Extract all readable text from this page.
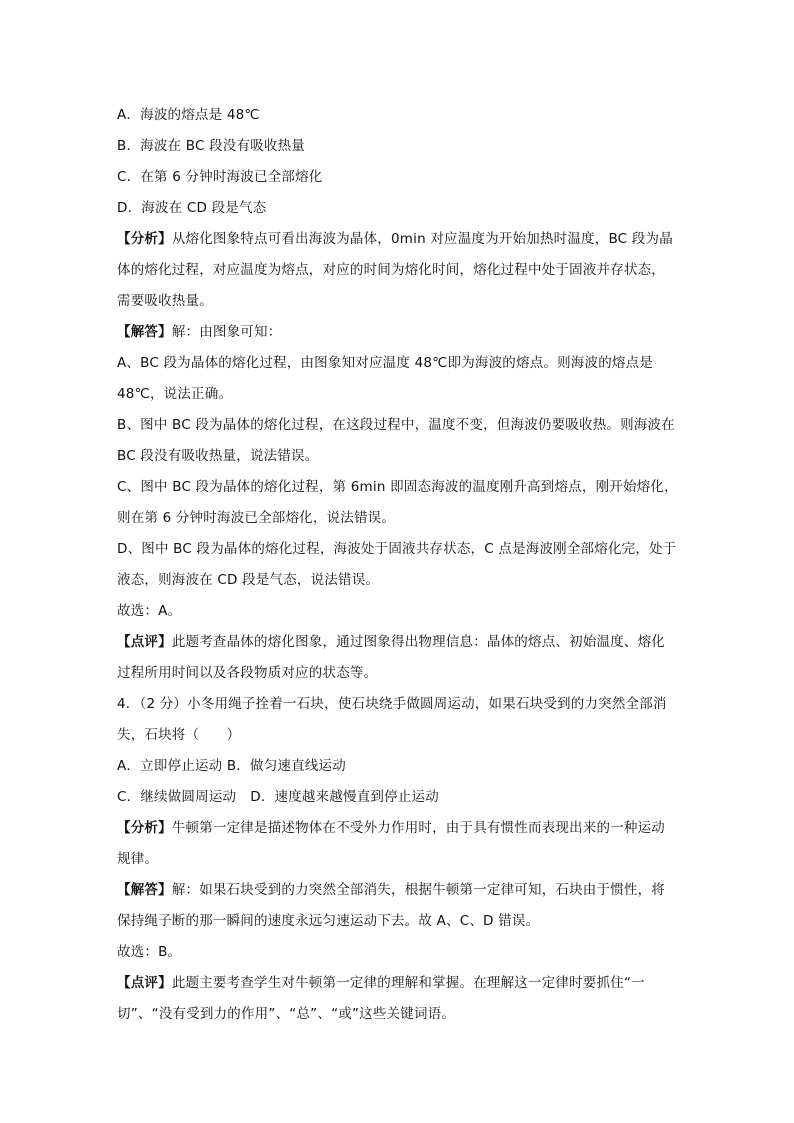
A．海波的熔点是 48℃
B．海波在 BC 段没有吸收热量
C．在第 6 分钟时海波已全部熔化
D．海波在 CD 段是气态
【分析】从熔化图象特点可看出海波为晶体，0min 对应温度为开始加热时温度，BC 段为晶
体的熔化过程，对应温度为熔点，对应的时间为熔化时间，熔化过程中处于固液并存状态，
需要吸收热量。
【解答】解：由图象可知：
A、BC 段为晶体的熔化过程，由图象知对应温度 48℃即为海波的熔点。则海波的熔点是
48℃，说法正确。
B、图中 BC 段为晶体的熔化过程，在这段过程中，温度不变，但海波仍要吸收热。则海波在
BC 段没有吸收热量，说法错误。
C、图中 BC 段为晶体的熔化过程，第 6min 即固态海波的温度刚升高到熔点，刚开始熔化，
则在第 6 分钟时海波已全部熔化，说法错误。
D、图中 BC 段为晶体的熔化过程，海波处于固液共存状态，C 点是海波刚全部熔化完，处于
液态，则海波在 CD 段是气态，说法错误。
故选：A。
【点评】此题考查晶体的熔化图象，通过图象得出物理信息：晶体的熔点、初始温度、熔化
过程所用时间以及各段物质对应的状态等。
4．（2 分）小冬用绳子拴着一石块，使石块绕手做圆周运动，如果石块受到的力突然全部消
失，石块将（　　）
A．立即停止运动 B．做匀速直线运动
C．继续做圆周运动 D．速度越来越慢直到停止运动
【分析】牛顿第一定律是描述物体在不受外力作用时，由于具有惯性而表现出来的一种运动
规律。
【解答】解：如果石块受到的力突然全部消失，根据牛顿第一定律可知，石块由于惯性，将
保持绳子断的那一瞬间的速度永远匀速运动下去。故 A、C、D 错误。
故选：B。
【点评】此题主要考查学生对牛顿第一定律的理解和掌握。在理解这一定律时要抓住“一
切”、“没有受到力的作用”、“总”、“或”这些关键词语。
